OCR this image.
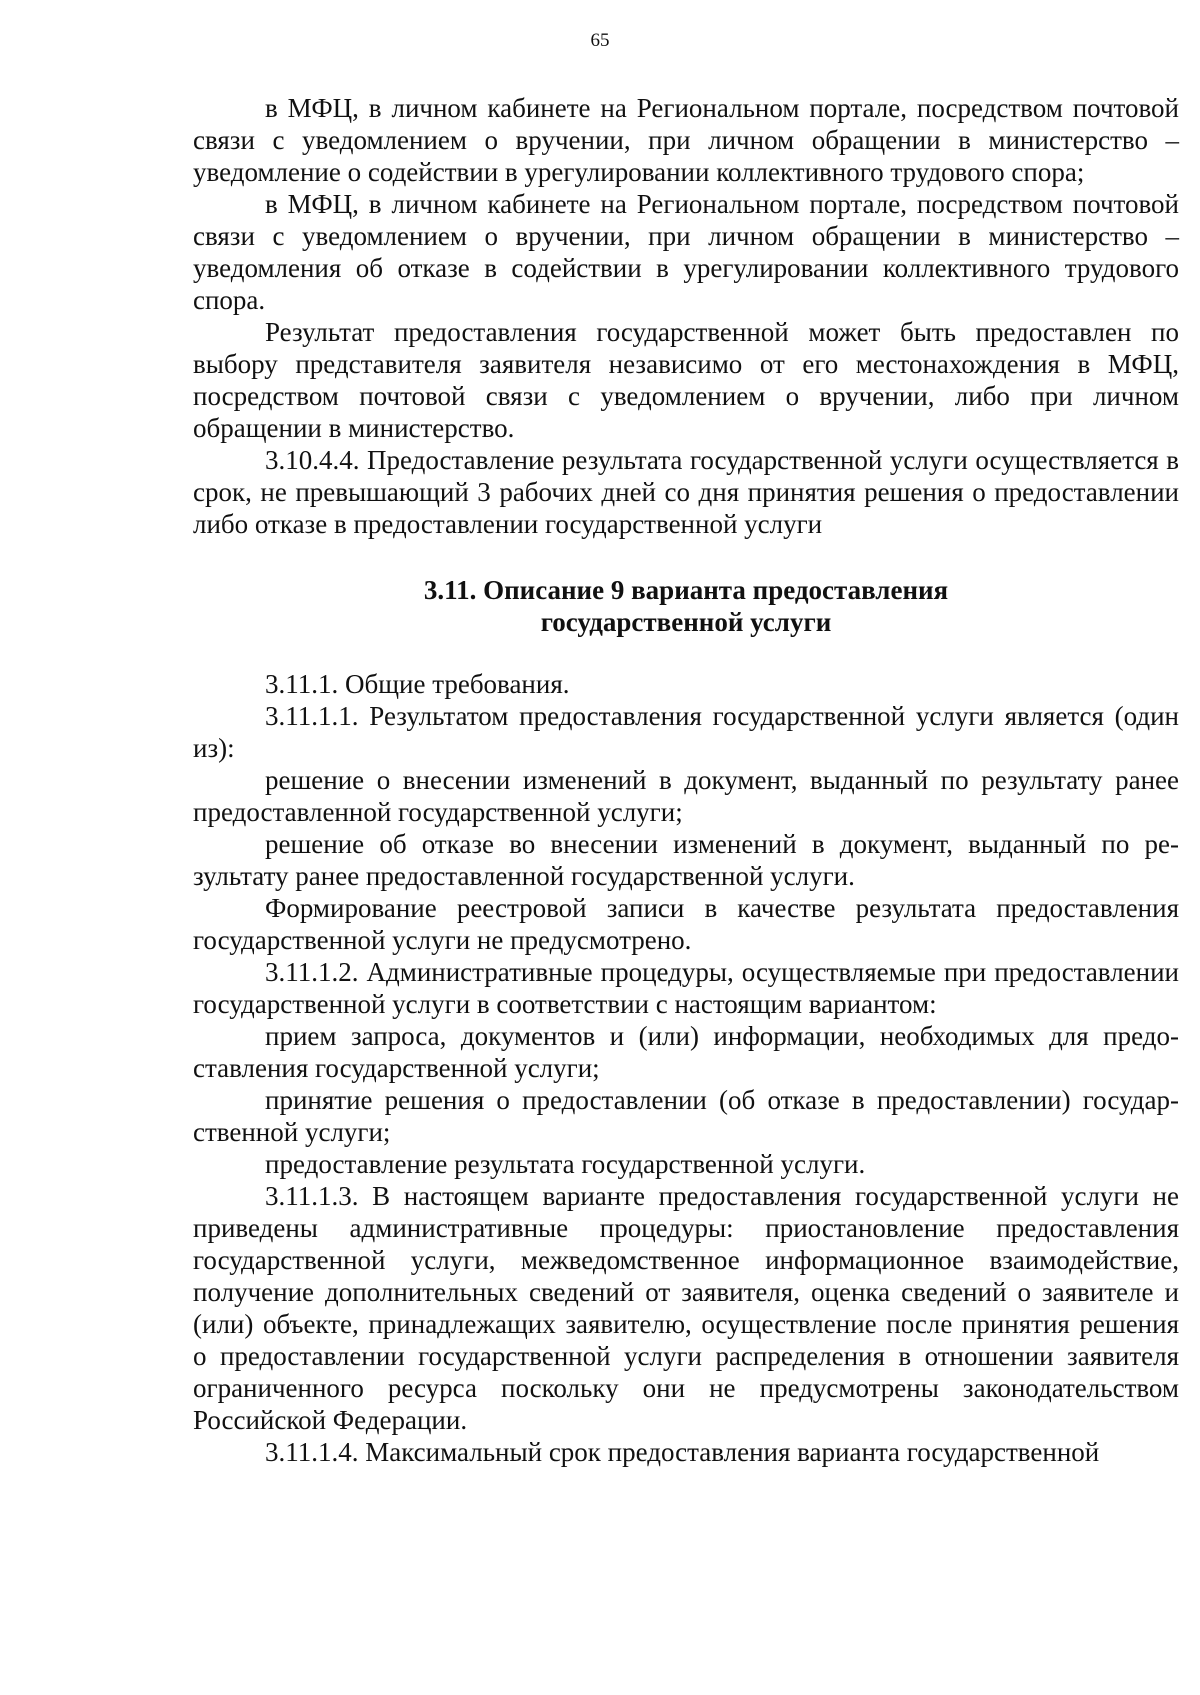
65

в МФЦ, в личном кабинете на Региональном портале, посредством почтовой связи с уведомлением о вручении, при личном обращении в министерство – уведомление о содействии в урегулировании коллективного трудового спора;

в МФЦ, в личном кабинете на Региональном портале, посредством почтовой связи с уведомлением о вручении, при личном обращении в министерство – уведомления об отказе в содействии в урегулировании коллективного трудового спора.

Результат предоставления государственной может быть предоставлен по выбору представителя заявителя независимо от его местонахождения в МФЦ, посредством почтовой связи с уведомлением о вручении, либо при личном обращении в министерство.

3.10.4.4. Предоставление результата государственной услуги осуществляется в срок, не превышающий 3 рабочих дней со дня принятия решения о предоставлении либо отказе в предоставлении государственной услуги

3.11. Описание 9 варианта предоставления

государственной услуги

3.11.1. Общие требования.

3.11.1.1. Результатом предоставления государственной услуги является (один из):

решение о внесении изменений в документ, выданный по результату ранее предоставленной государственной услуги;

решение об отказе во внесении изменений в документ, выданный по результату ранее предоставленной государственной услуги.

Формирование реестровой записи в качестве результата предоставления государственной услуги не предусмотрено.

3.11.1.2. Административные процедуры, осуществляемые при предоставлении государственной услуги в соответствии с настоящим вариантом:

прием запроса, документов и (или) информации, необходимых для предоставления государственной услуги;

принятие решения о предоставлении (об отказе в предоставлении) государственной услуги;

предоставление результата государственной услуги.

3.11.1.3. В настоящем варианте предоставления государственной услуги не приведены административные процедуры: приостановление предоставления государственной услуги, межведомственное информационное взаимодействие, получение дополнительных сведений от заявителя, оценка сведений о заявителе и (или) объекте, принадлежащих заявителю, осуществление после принятия решения о предоставлении государственной услуги распределения в отношении заявителя ограниченного ресурса поскольку они не предусмотрены законодательством Российской Федерации.

3.11.1.4. Максимальный срок предоставления варианта государственной
